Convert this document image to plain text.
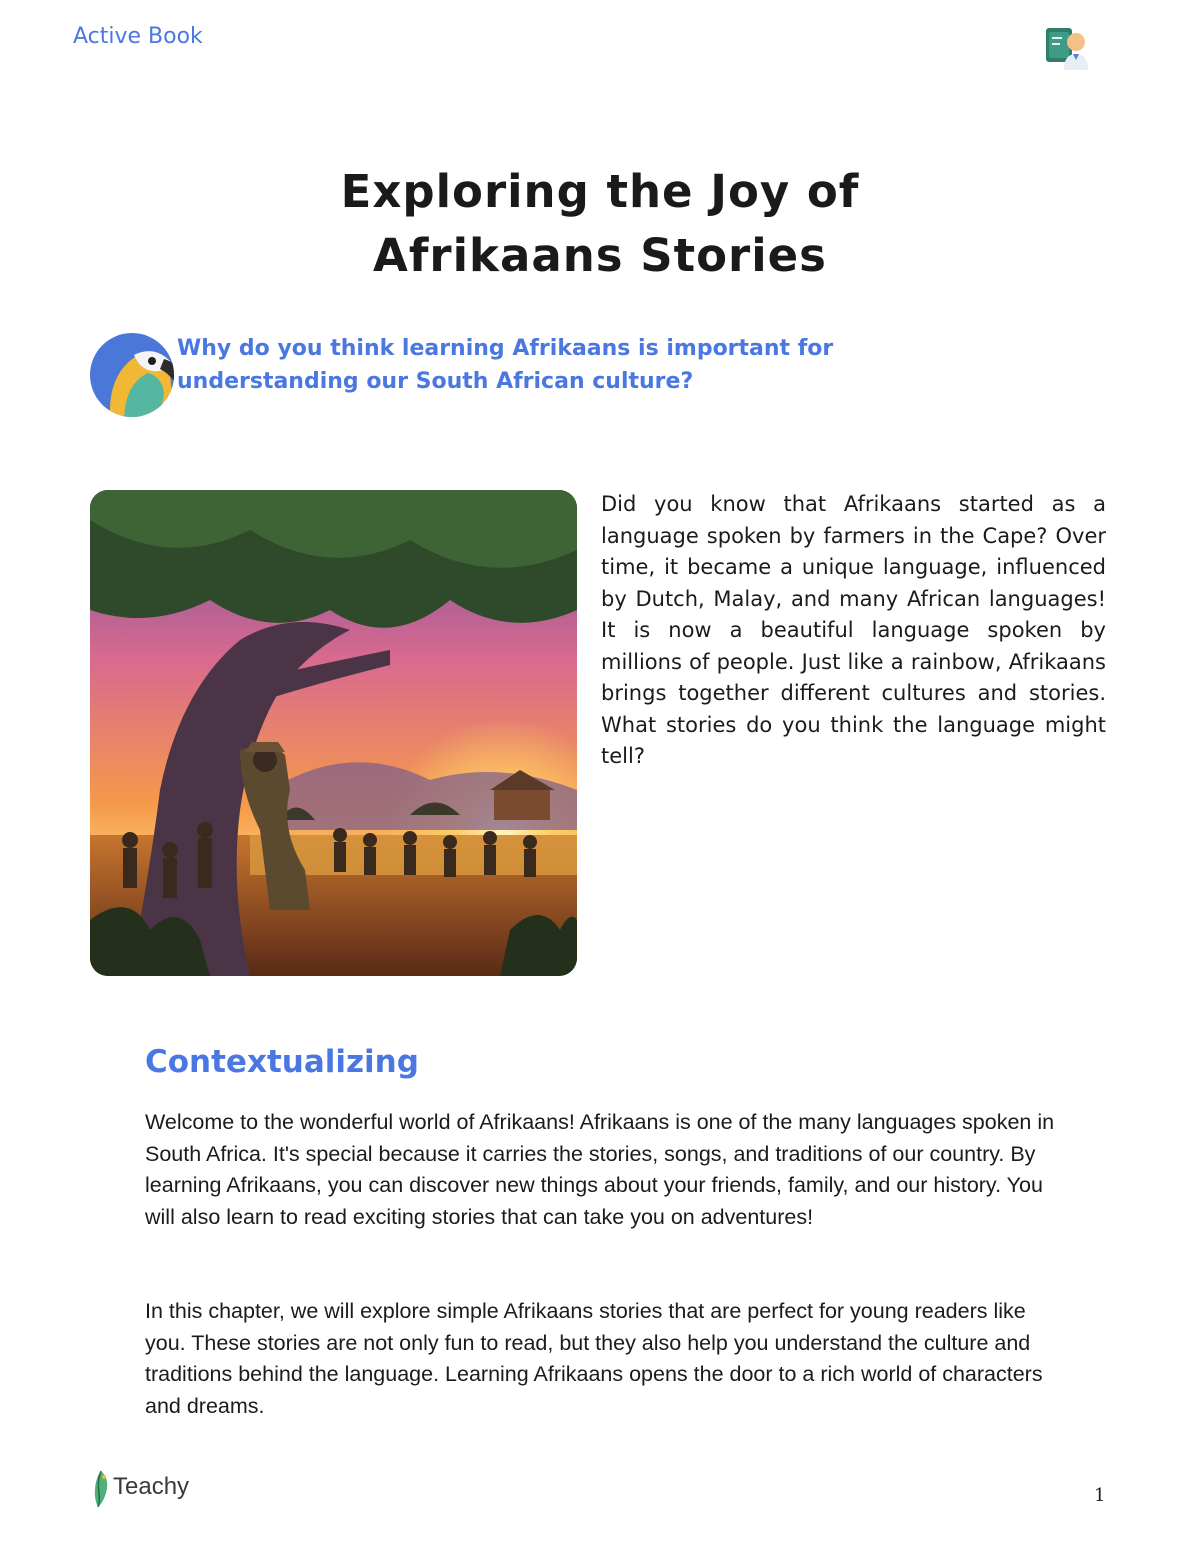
Active Book
Exploring the Joy of
Afrikaans Stories
Why do you think learning Afrikaans is important for understanding our South African culture?
Did you know that Afrikaans started as a language spoken by farmers in the Cape? Over time, it became a unique language, influenced by Dutch, Malay, and many African languages! It is now a beautiful language spoken by millions of people. Just like a rainbow, Afrikaans brings together different cultures and stories. What stories do you think the language might tell?
Contextualizing
Welcome to the wonderful world of Afrikaans! Afrikaans is one of the many languages spoken in South Africa. It's special because it carries the stories, songs, and traditions of our country. By learning Afrikaans, you can discover new things about your friends, family, and our history. You will also learn to read exciting stories that can take you on adventures!
In this chapter, we will explore simple Afrikaans stories that are perfect for young readers like you. These stories are not only fun to read, but they also help you understand the culture and traditions behind the language. Learning Afrikaans opens the door to a rich world of characters and dreams.
Teachy	1
